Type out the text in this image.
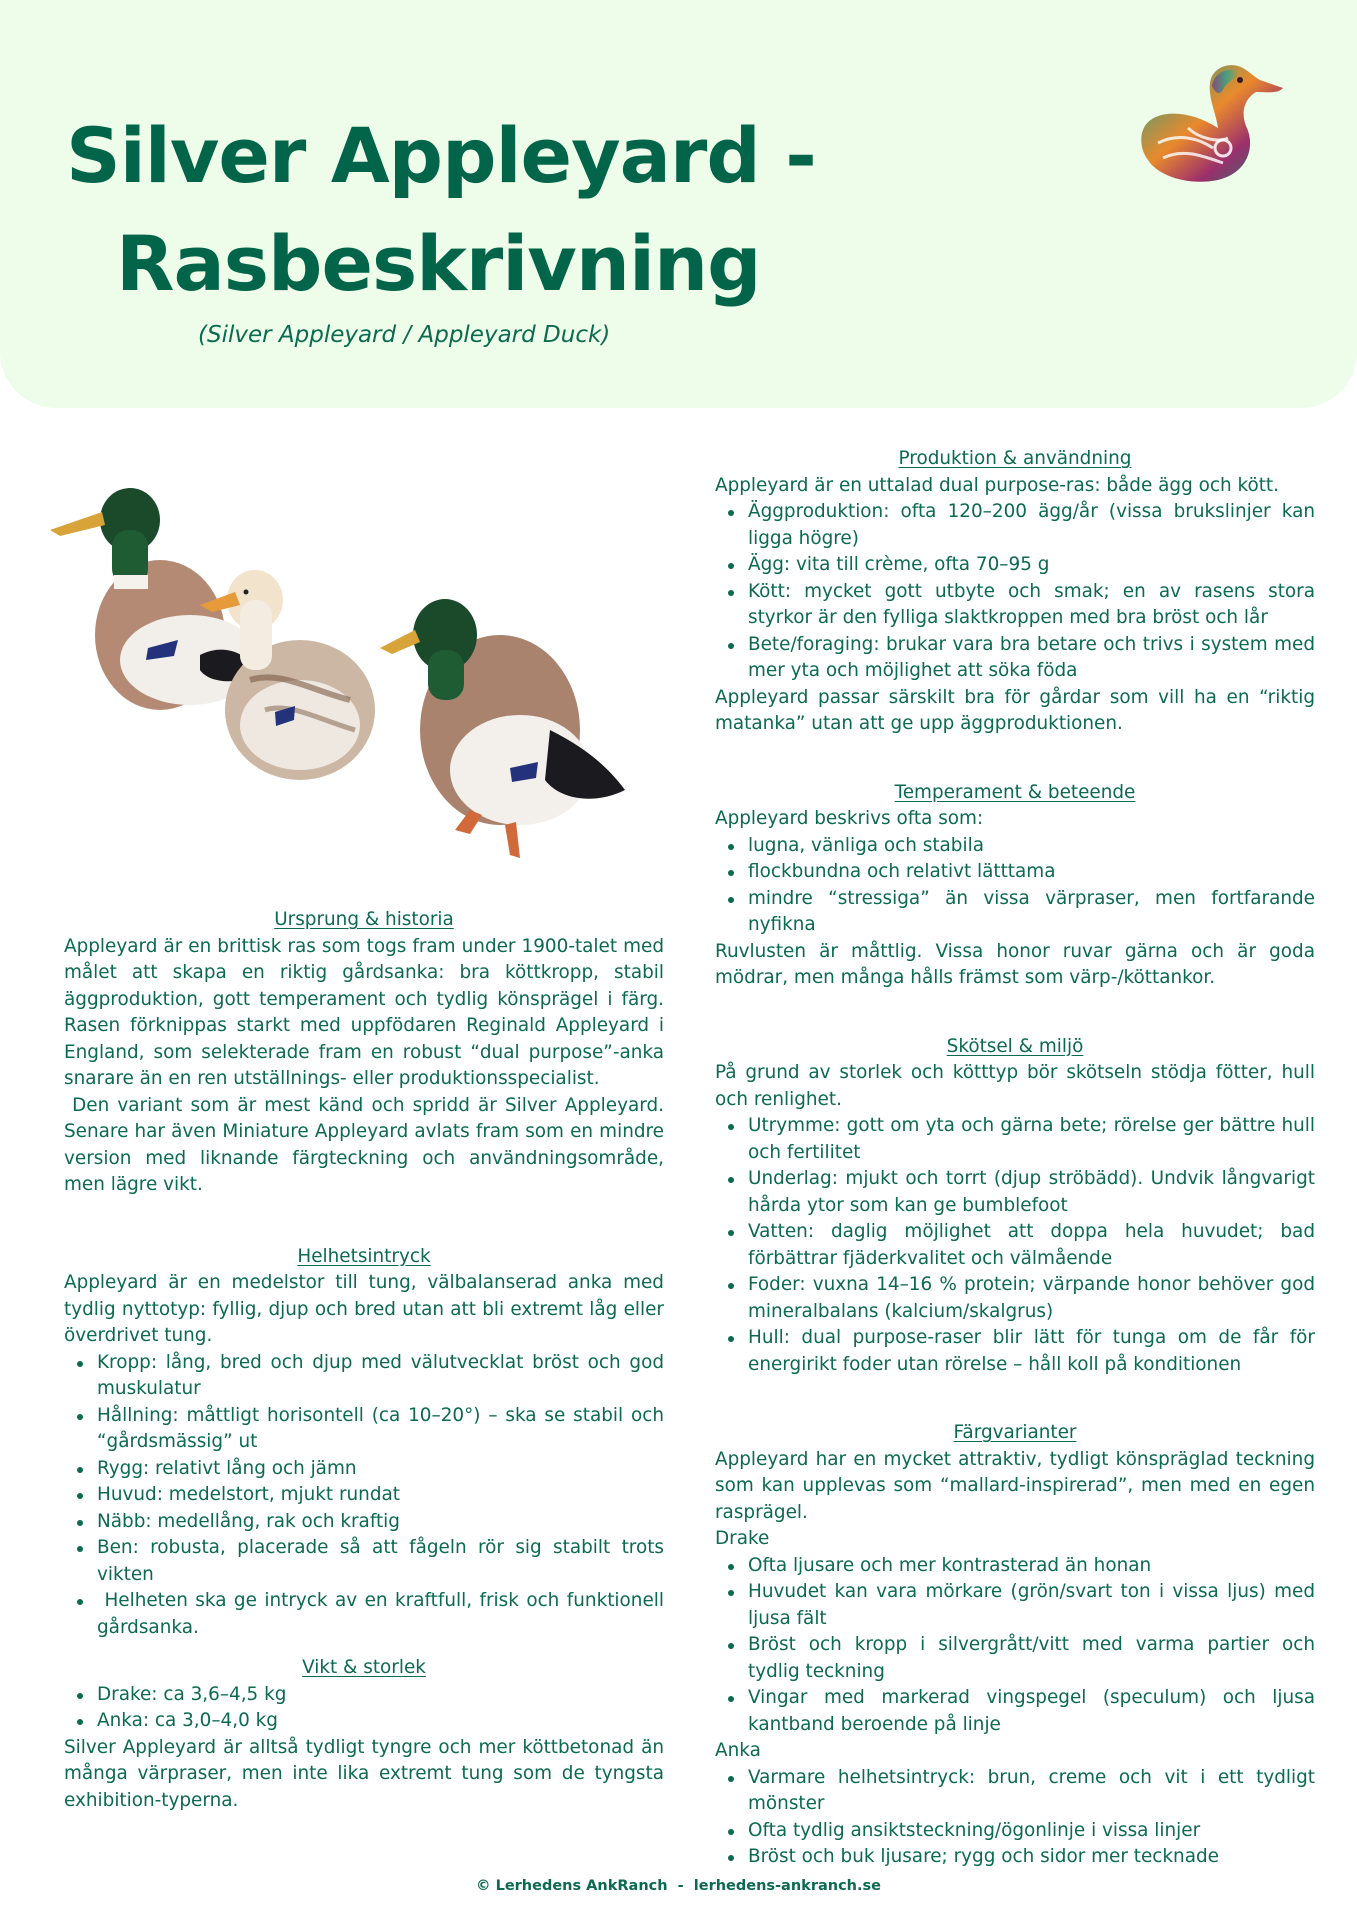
Silver Appleyard -
Rasbeskrivning
(Silver Appleyard / Appleyard Duck)
Ursprung & historia

Appleyard är en brittisk ras som togs fram under 1900-talet med målet att skapa en riktig gårdsanka: bra köttkropp, stabil äggproduktion, gott temperament och tydlig könsprägel i färg. Rasen förknippas starkt med uppfödaren Reginald Appleyard i England, som selekterade fram en robust “dual purpose”-anka snarare än en ren utställnings- eller produktionsspecialist.

Den variant som är mest känd och spridd är Silver Appleyard. Senare har även Miniature Appleyard avlats fram som en mindre version med liknande färgteckning och användningsområde, men lägre vikt.

Helhetsintryck

Appleyard är en medelstor till tung, välbalanserad anka med tydlig nyttotyp: fyllig, djup och bred utan att bli extremt låg eller överdrivet tung.

Kropp: lång, bred och djup med välutvecklat bröst och god muskulatur
Hållning: måttligt horisontell (ca 10–20°) – ska se stabil och “gårdsmässig” ut
Rygg: relativt lång och jämn
Huvud: medelstort, mjukt rundat
Näbb: medellång, rak och kraftig
Ben: robusta, placerade så att fågeln rör sig stabilt trots vikten
Helheten ska ge intryck av en kraftfull, frisk och funktionell gårdsanka.
Vikt & storlek
Drake: ca 3,6–4,5 kg
Anka: ca 3,0–4,0 kg

Silver Appleyard är alltså tydligt tyngre och mer köttbetonad än många värpraser, men inte lika extremt tung som de tyngsta exhibition-typerna.

Produktion & användning

Appleyard är en uttalad dual purpose-ras: både ägg och kött.

Äggproduktion: ofta 120–200 ägg/år (vissa brukslinjer kan ligga högre)
Ägg: vita till crème, ofta 70–95 g
Kött: mycket gott utbyte och smak; en av rasens stora styrkor är den fylliga slaktkroppen med bra bröst och lår
Bete/foraging: brukar vara bra betare och trivs i system med mer yta och möjlighet att söka föda

Appleyard passar särskilt bra för gårdar som vill ha en “riktig matanka” utan att ge upp äggproduktionen.

Temperament & beteende

Appleyard beskrivs ofta som:

lugna, vänliga och stabila
flockbundna och relativt lätttama
mindre “stressiga” än vissa värpraser, men fortfarande nyfikna

Ruvlusten är måttlig. Vissa honor ruvar gärna och är goda mödrar, men många hålls främst som värp-/köttankor.

Skötsel & miljö

På grund av storlek och kötttyp bör skötseln stödja fötter, hull och renlighet.

Utrymme: gott om yta och gärna bete; rörelse ger bättre hull och fertilitet
Underlag: mjukt och torrt (djup ströbädd). Undvik långvarigt hårda ytor som kan ge bumblefoot
Vatten: daglig möjlighet att doppa hela huvudet; bad förbättrar fjäderkvalitet och välmående
Foder: vuxna 14–16 % protein; värpande honor behöver god mineralbalans (kalcium/skalgrus)
Hull: dual purpose-raser blir lätt för tunga om de får för energirikt foder utan rörelse – håll koll på konditionen
Färgvarianter

Appleyard har en mycket attraktiv, tydligt könspräglad teckning som kan upplevas som “mallard-inspirerad”, men med en egen rasprägel.

Drake

Ofta ljusare och mer kontrasterad än honan
Huvudet kan vara mörkare (grön/svart ton i vissa ljus) med ljusa fält
Bröst och kropp i silvergrått/vitt med varma partier och tydlig teckning
Vingar med markerad vingspegel (speculum) och ljusa kantband beroende på linje

Anka

Varmare helhetsintryck: brun, creme och vit i ett tydligt mönster
Ofta tydlig ansiktsteckning/ögonlinje i vissa linjer
Bröst och buk ljusare; rygg och sidor mer tecknade
© Lerhedens AnkRanch  -  lerhedens-ankranch.se
